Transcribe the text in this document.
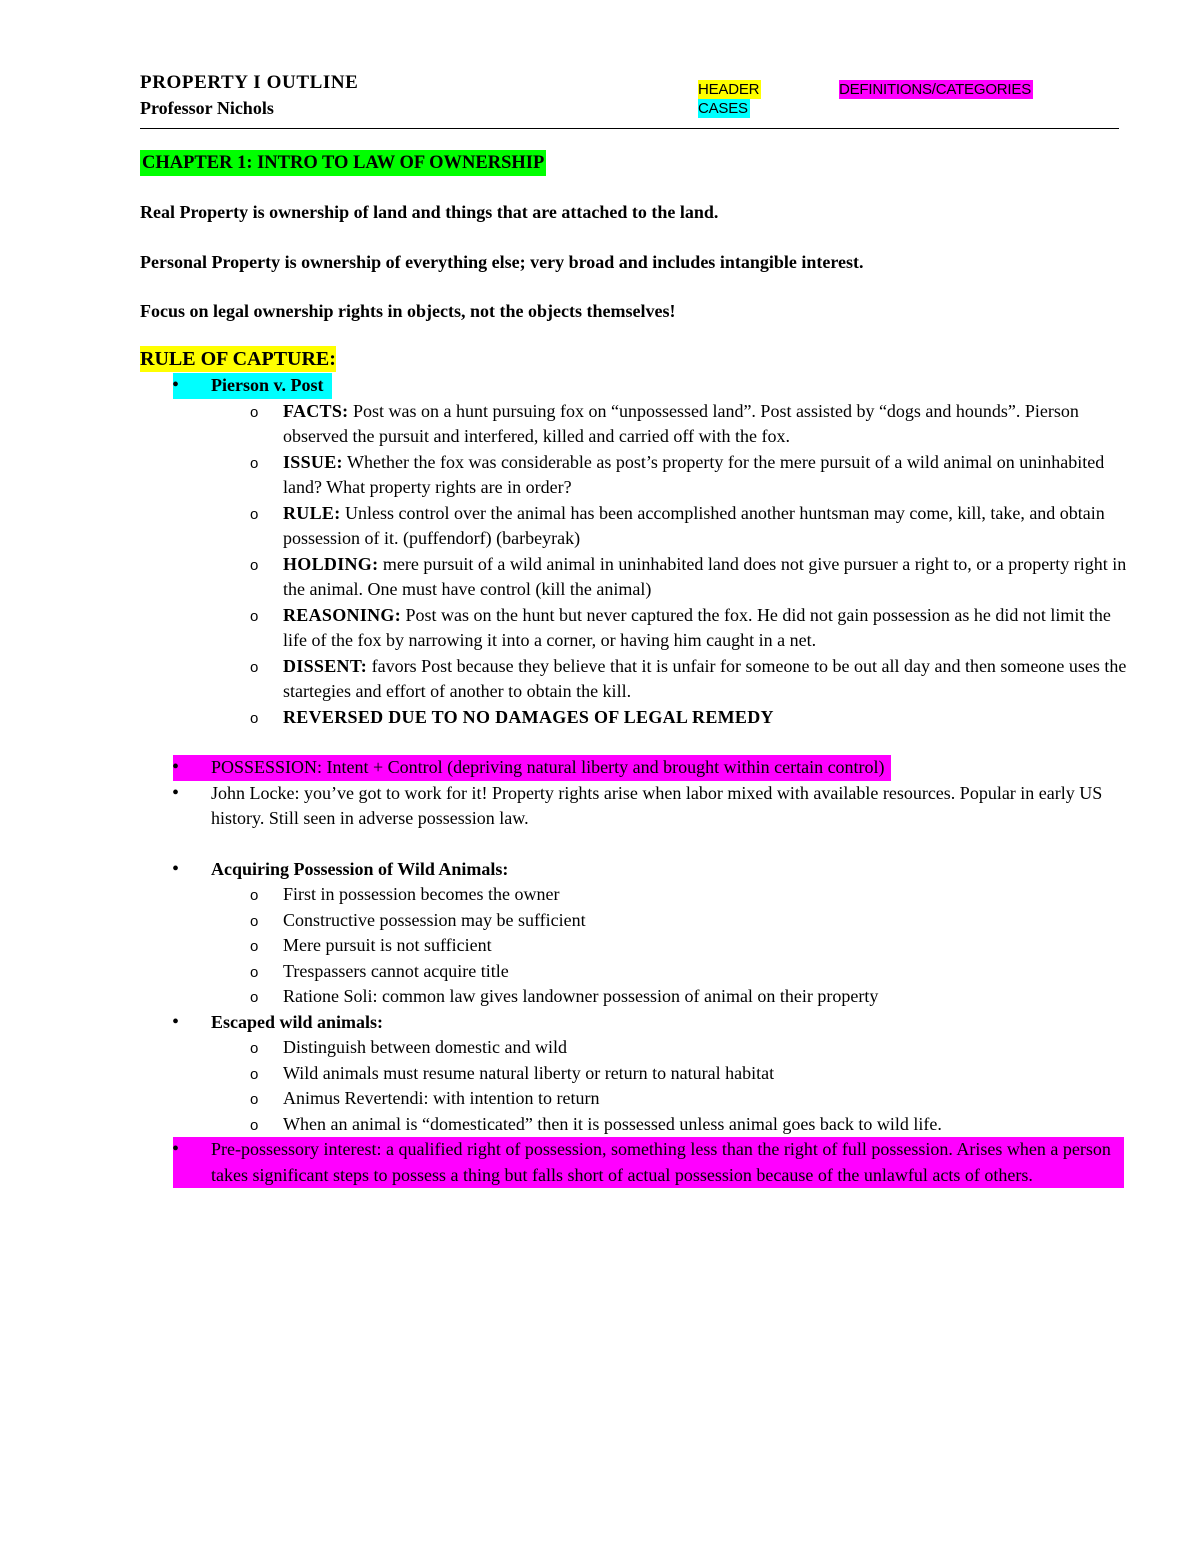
PROPERTY I OUTLINE
Professor Nichols
HEADER
CASES
DEFINITIONS/CATEGORIES
CHAPTER 1: INTRO TO LAW OF OWNERSHIP
Real Property is ownership of land and things that are attached to the land.
Personal Property is ownership of everything else; very broad and includes intangible interest.
Focus on legal ownership rights in objects, not the objects themselves!
RULE OF CAPTURE:
• Pierson v. Post
o FACTS: Post was on a hunt pursuing fox on “unpossessed land”. Post assisted by “dogs and hounds”. Pierson observed the pursuit and interfered, killed and carried off with the fox.
o ISSUE: Whether the fox was considerable as post’s property for the mere pursuit of a wild animal on uninhabited land? What property rights are in order?
o RULE: Unless control over the animal has been accomplished another huntsman may come, kill, take, and obtain possession of it. (puffendorf) (barbeyrak)
o HOLDING: mere pursuit of a wild animal in uninhabited land does not give pursuer a right to, or a property right in the animal. One must have control (kill the animal)
o REASONING: Post was on the hunt but never captured the fox. He did not gain possession as he did not limit the life of the fox by narrowing it into a corner, or having him caught in a net.
o DISSENT: favors Post because they believe that it is unfair for someone to be out all day and then someone uses the startegies and effort of another to obtain the kill.
o REVERSED DUE TO NO DAMAGES OF LEGAL REMEDY
• POSSESSION: Intent + Control (depriving natural liberty and brought within certain control)
• John Locke: you’ve got to work for it! Property rights arise when labor mixed with available resources. Popular in early US history. Still seen in adverse possession law.
• Acquiring Possession of Wild Animals:
o First in possession becomes the owner
o Constructive possession may be sufficient
o Mere pursuit is not sufficient
o Trespassers cannot acquire title
o Ratione Soli: common law gives landowner possession of animal on their property
• Escaped wild animals:
o Distinguish between domestic and wild
o Wild animals must resume natural liberty or return to natural habitat
o Animus Revertendi: with intention to return
o When an animal is “domesticated” then it is possessed unless animal goes back to wild life.
•	Pre-possessory interest: a qualified right of possession, something less than the right of full possession. Arises when a person takes significant steps to possess a thing but falls short of actual possession because of the unlawful acts of others.
